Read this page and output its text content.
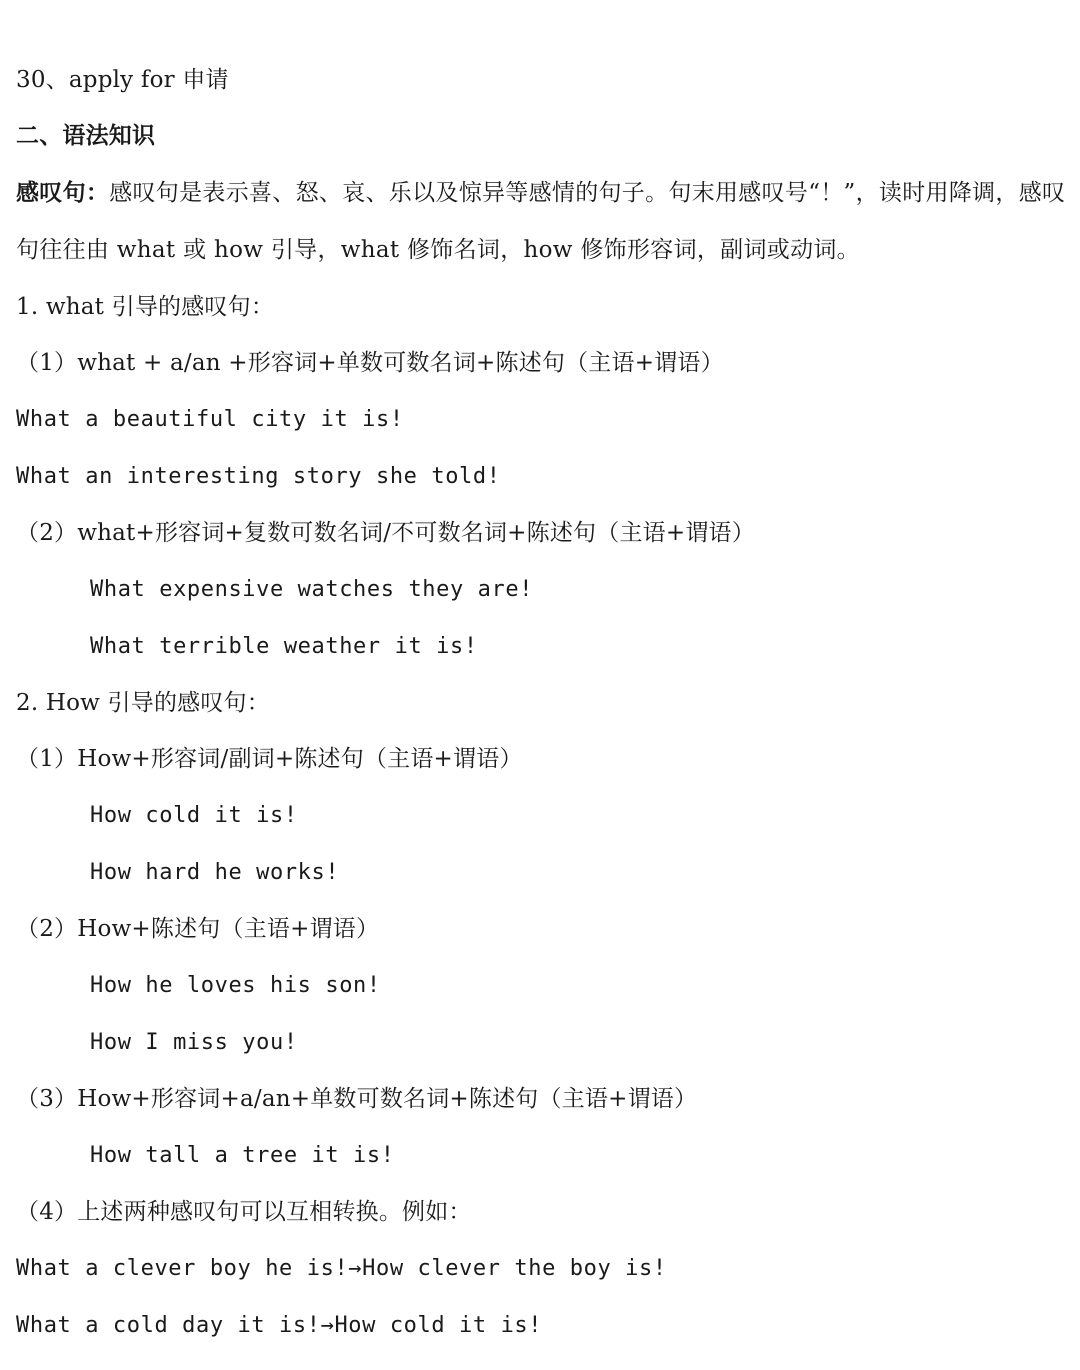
30、apply for 申请
二、语法知识
感叹句：感叹句是表示喜、怒、哀、乐以及惊异等感情的句子。句末用感叹号“！”，读时用降调，感叹句往往由 what 或 how 引导，what 修饰名词，how 修饰形容词，副词或动词。
1. what 引导的感叹句：
（1）what + a/an +形容词+单数可数名词+陈述句（主语+谓语）
What a beautiful city it is!
What an interesting story she told!
（2）what+形容词+复数可数名词/不可数名词+陈述句（主语+谓语）
What expensive watches they are!
What terrible weather it is!
2. How 引导的感叹句：
（1）How+形容词/副词+陈述句（主语+谓语）
How cold it is!
How hard he works!
（2）How+陈述句（主语+谓语）
How he loves his son!
How I miss you!
（3）How+形容词+a/an+单数可数名词+陈述句（主语+谓语）
How tall a tree it is!
（4）上述两种感叹句可以互相转换。例如：
What a clever boy he is!→How clever the boy is!
What a cold day it is!→How cold it is!
